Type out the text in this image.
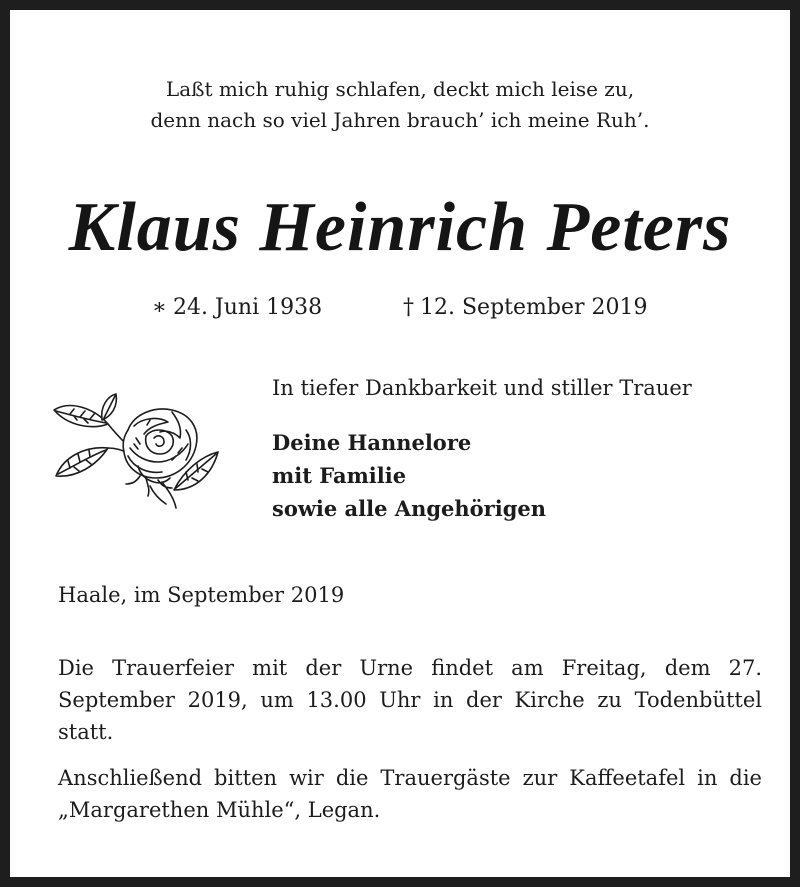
Laßt mich ruhig schlafen, deckt mich leise zu,
denn nach so viel Jahren brauch’ ich meine Ruh’.
Klaus Heinrich Peters
∗ 24. Juni 1938	† 12. September 2019
In tiefer Dankbarkeit und stiller Trauer
Deine Hannelore
mit Familie
sowie alle Angehörigen
Haale, im September 2019
Die Trauerfeier mit der Urne findet am Freitag, dem 27. September 2019, um 13.00 Uhr in der Kirche zu Todenbüttel statt.
Anschließend bitten wir die Trauergäste zur Kaffeetafel in die „Margarethen Mühle“, Legan.
